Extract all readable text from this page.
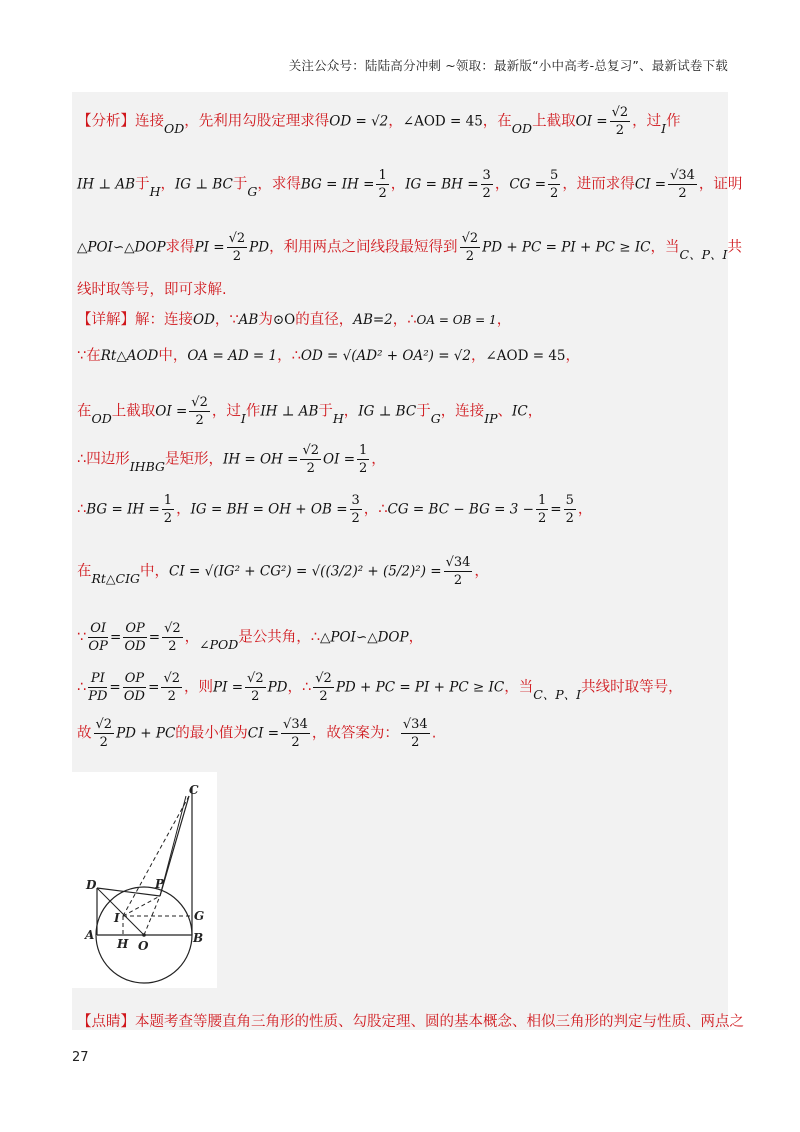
关注公众号：陆陆高分冲刺 ~领取：最新版“小中高考-总复习”、最新试卷下载
【分析】连接OD，先利用勾股定理求得OD = √2，∠AOD = 45，在OD上截取OI = $\frac{√2}{2}$ ，过I作
IH ⊥ AB于H，IG ⊥ BC于G，求得BG = IH = $\frac{1}{2}$ ，IG = BH = $\frac{3}{2}$ ，CG = $\frac{5}{2}$ ，进而求得CI = $\frac{√34}{2}$ ，证明
△POI∽△DOP求得PI = $\frac{√2}{2}$ PD，利用两点之间线段最短得到 $\frac{√2}{2}$ PD + PC = PI + PC ≥ IC，当C、P、I共
线时取等号，即可求解.
【详解】解：连接OD，∵AB为⊙O的直径，AB=2，∴OA = OB = 1，
∵在Rt△AOD中，OA = AD = 1，∴OD = √(AD² + OA²) = √2，∠AOD = 45，
在OD上截取OI = $\frac{√2}{2}$ ，过I作IH ⊥ AB于H，IG ⊥ BC于G，连接IP、IC，
∴四边形IHBG是矩形，IH = OH = $\frac{√2}{2}$ OI = $\frac{1}{2}$ ，
∴BG = IH = $\frac{1}{2}$ ，IG = BH = OH + OB = $\frac{3}{2}$ ，∴CG = BC − BG = $3 - \frac{1}{2} = \frac{5}{2}$ ，
在Rt△CIG中，CI = $√(IG^2 + CG^2) = √((3/2)^2 + (5/2)^2) = \frac{√34}{2}$ ，
∵ $\frac{OI}{OP} = \frac{OP}{OD} = \frac{√2}{2}$ ，∠POD是公共角，∴△POI∽△DOP，
∴ $\frac{PI}{PD} = \frac{OP}{OD} = \frac{√2}{2}$ ，则PI = $\frac{√2}{2}$ PD，∴ $\frac{√2}{2}$ PD + PC = PI + PC ≥ IC，当C、P、I共线时取等号，
故 $\frac{√2}{2}$ PD + PC的最小值为CI = $\frac{√34}{2}$ ，故答案为： $\frac{√34}{2}$ .
【点睛】本题考查等腰直角三角形的性质、勾股定理、圆的基本概念、相似三角形的判定与性质、两点之
C
D	P
I	G
A
H O
B
27
